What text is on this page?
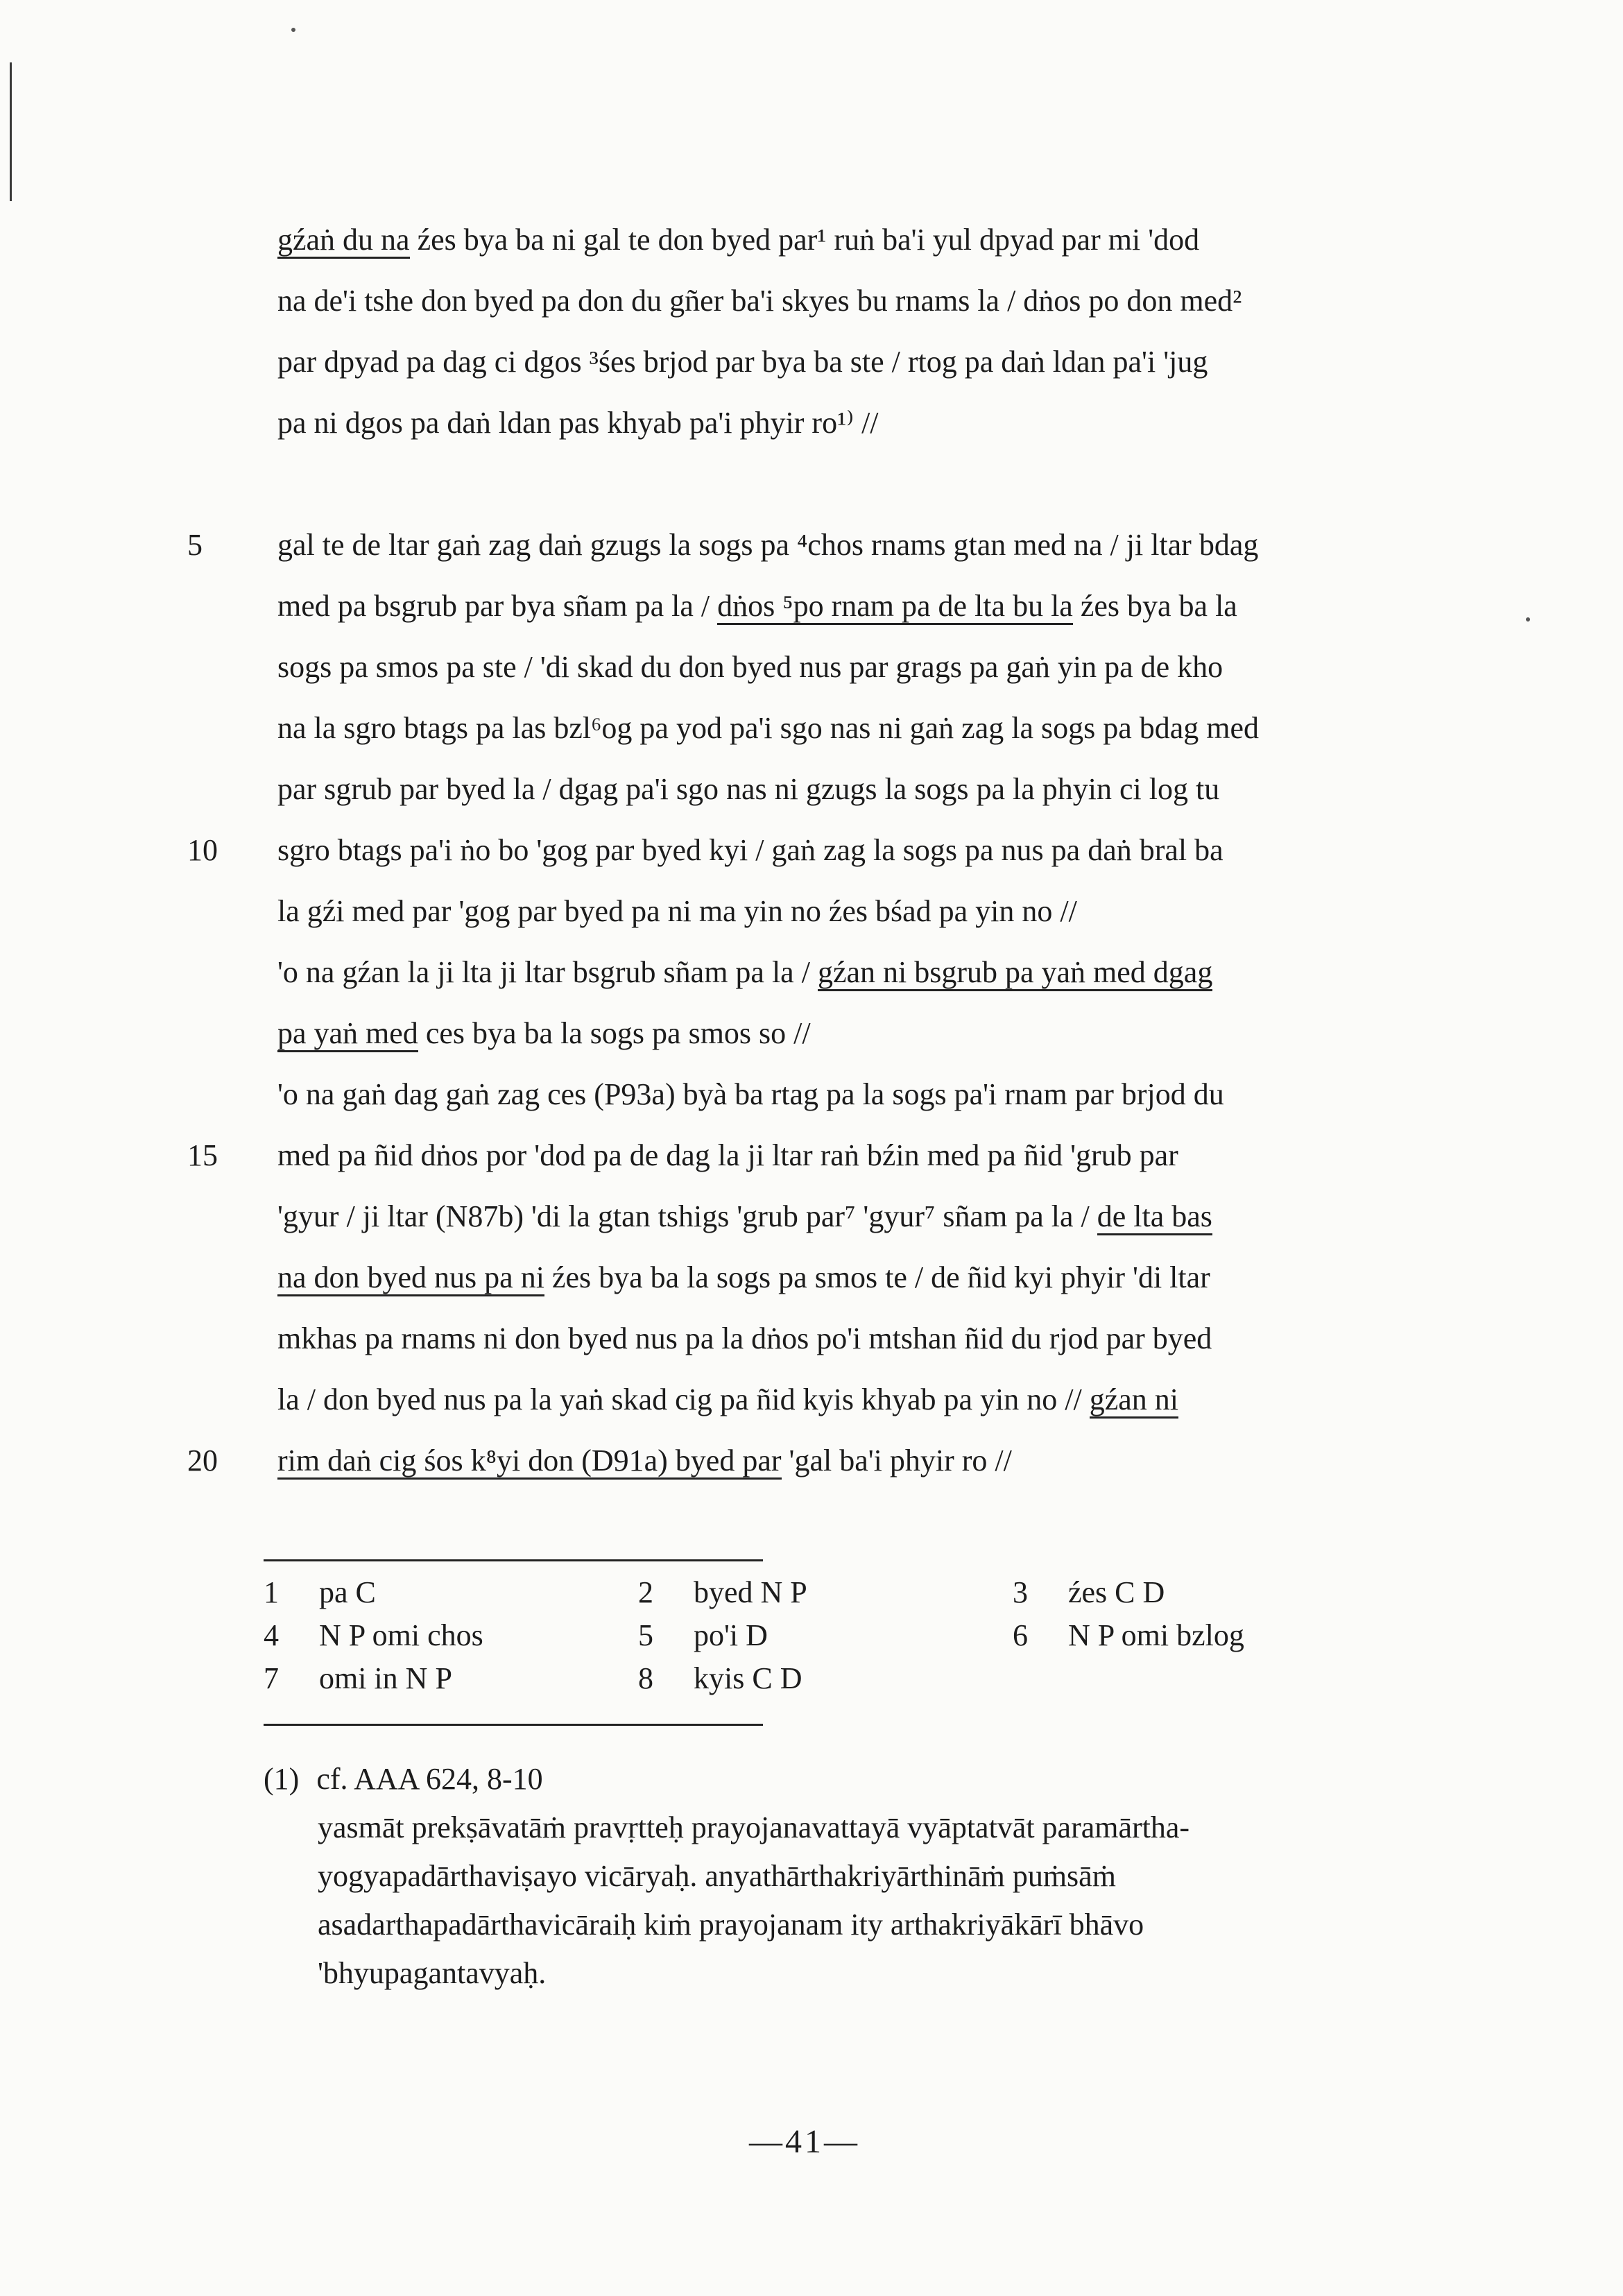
gźaṅ du na źes bya ba ni gal te don byed par¹ ruṅ ba'i yul dpyad par mi 'dod
na de'i tshe don byed pa don du gñer ba'i skyes bu rnams la / dṅos po don med²
par dpyad pa dag ci dgos ³śes brjod par bya ba ste / rtog pa daṅ ldan pa'i 'jug
pa ni dgos pa daṅ ldan pas khyab pa'i phyir ro¹⁾ //
5 gal te de ltar gaṅ zag daṅ gzugs la sogs pa ⁴chos rnams gtan med na / ji ltar bdag
med pa bsgrub par bya sñam pa la / dṅos ⁵po rnam pa de lta bu la źes bya ba la
sogs pa smos pa ste / 'di skad du don byed nus par grags pa gaṅ yin pa de kho
na la sgro btags pa las bzl⁶og pa yod pa'i sgo nas ni gaṅ zag la sogs pa bdag med
par sgrub par byed la / dgag pa'i sgo nas ni gzugs la sogs pa la phyin ci log tu
10 sgro btags pa'i ṅo bo 'gog par byed kyi / gaṅ zag la sogs pa nus pa daṅ bral ba
la gźi med par 'gog par byed pa ni ma yin no źes bśad pa yin no //
'o na gźan la ji lta ji ltar bsgrub sñam pa la / gźan ni bsgrub pa yaṅ med dgag
pa yaṅ med ces bya ba la sogs pa smos so //
'o na gaṅ dag gaṅ zag ces (P93a) byà ba rtag pa la sogs pa'i rnam par brjod du
15 med pa ñid dṅos por 'dod pa de dag la ji ltar raṅ bźin med pa ñid 'grub par
'gyur / ji ltar (N87b) 'di la gtan tshigs 'grub par⁷ 'gyur⁷ sñam pa la / de lta bas
na don byed nus pa ni źes bya ba la sogs pa smos te / de ñid kyi phyir 'di ltar
mkhas pa rnams ni don byed nus pa la dṅos po'i mtshan ñid du rjod par byed
la / don byed nus pa la yaṅ skad cig pa ñid kyis khyab pa yin no // gźan ni
20 rim daṅ cig śos k⁸yi don (D91a) byed par 'gal ba'i phyir ro //
1 pa C	2 byed N P	3 źes C D
4 N P omi chos	5 po'i D	6 N P omi bzlog
7 omi in N P	8 kyis C D
(1) cf. AAA 624, 8-10
yasmāt prekṣāvatāṁ pravṛtteḥ prayojanavattayā vyāptatvāt paramārtha-
yogyapadārthaviṣayo vicāryaḥ. anyathārthakriyārthināṁ puṁsāṁ
asadarthapadārthavicāraiḥ kiṁ prayojanam ity arthakriyākārī bhāvo
'bhyupagantavyaḥ.
—41—
